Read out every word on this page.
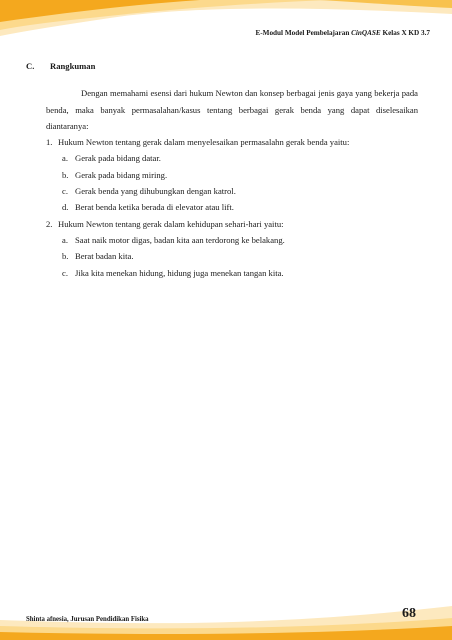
E-Modul Model Pembelajaran CinQASE Kelas X KD 3.7
C. Rangkuman

Dengan memahami esensi dari hukum Newton dan konsep berbagai jenis gaya yang bekerja pada benda, maka banyak permasalahan/kasus tentang berbagai gerak benda yang dapat diselesaikan diantaranya:

1. Hukum Newton tentang gerak dalam menyelesaikan permasalahn gerak benda yaitu:
a. Gerak pada bidang datar.
b. Gerak pada bidang miring.
c. Gerak benda yang dihubungkan dengan katrol.
d. Berat benda ketika berada di elevator atau lift.
2. Hukum Newton tentang gerak dalam kehidupan sehari-hari yaitu:
a. Saat naik motor digas, badan kita aan terdorong ke belakang.
b. Berat badan kita.
c. Jika kita menekan hidung, hidung juga menekan tangan kita.
Shinta afnesia, Jurusan Pendidikan Fisika	68
